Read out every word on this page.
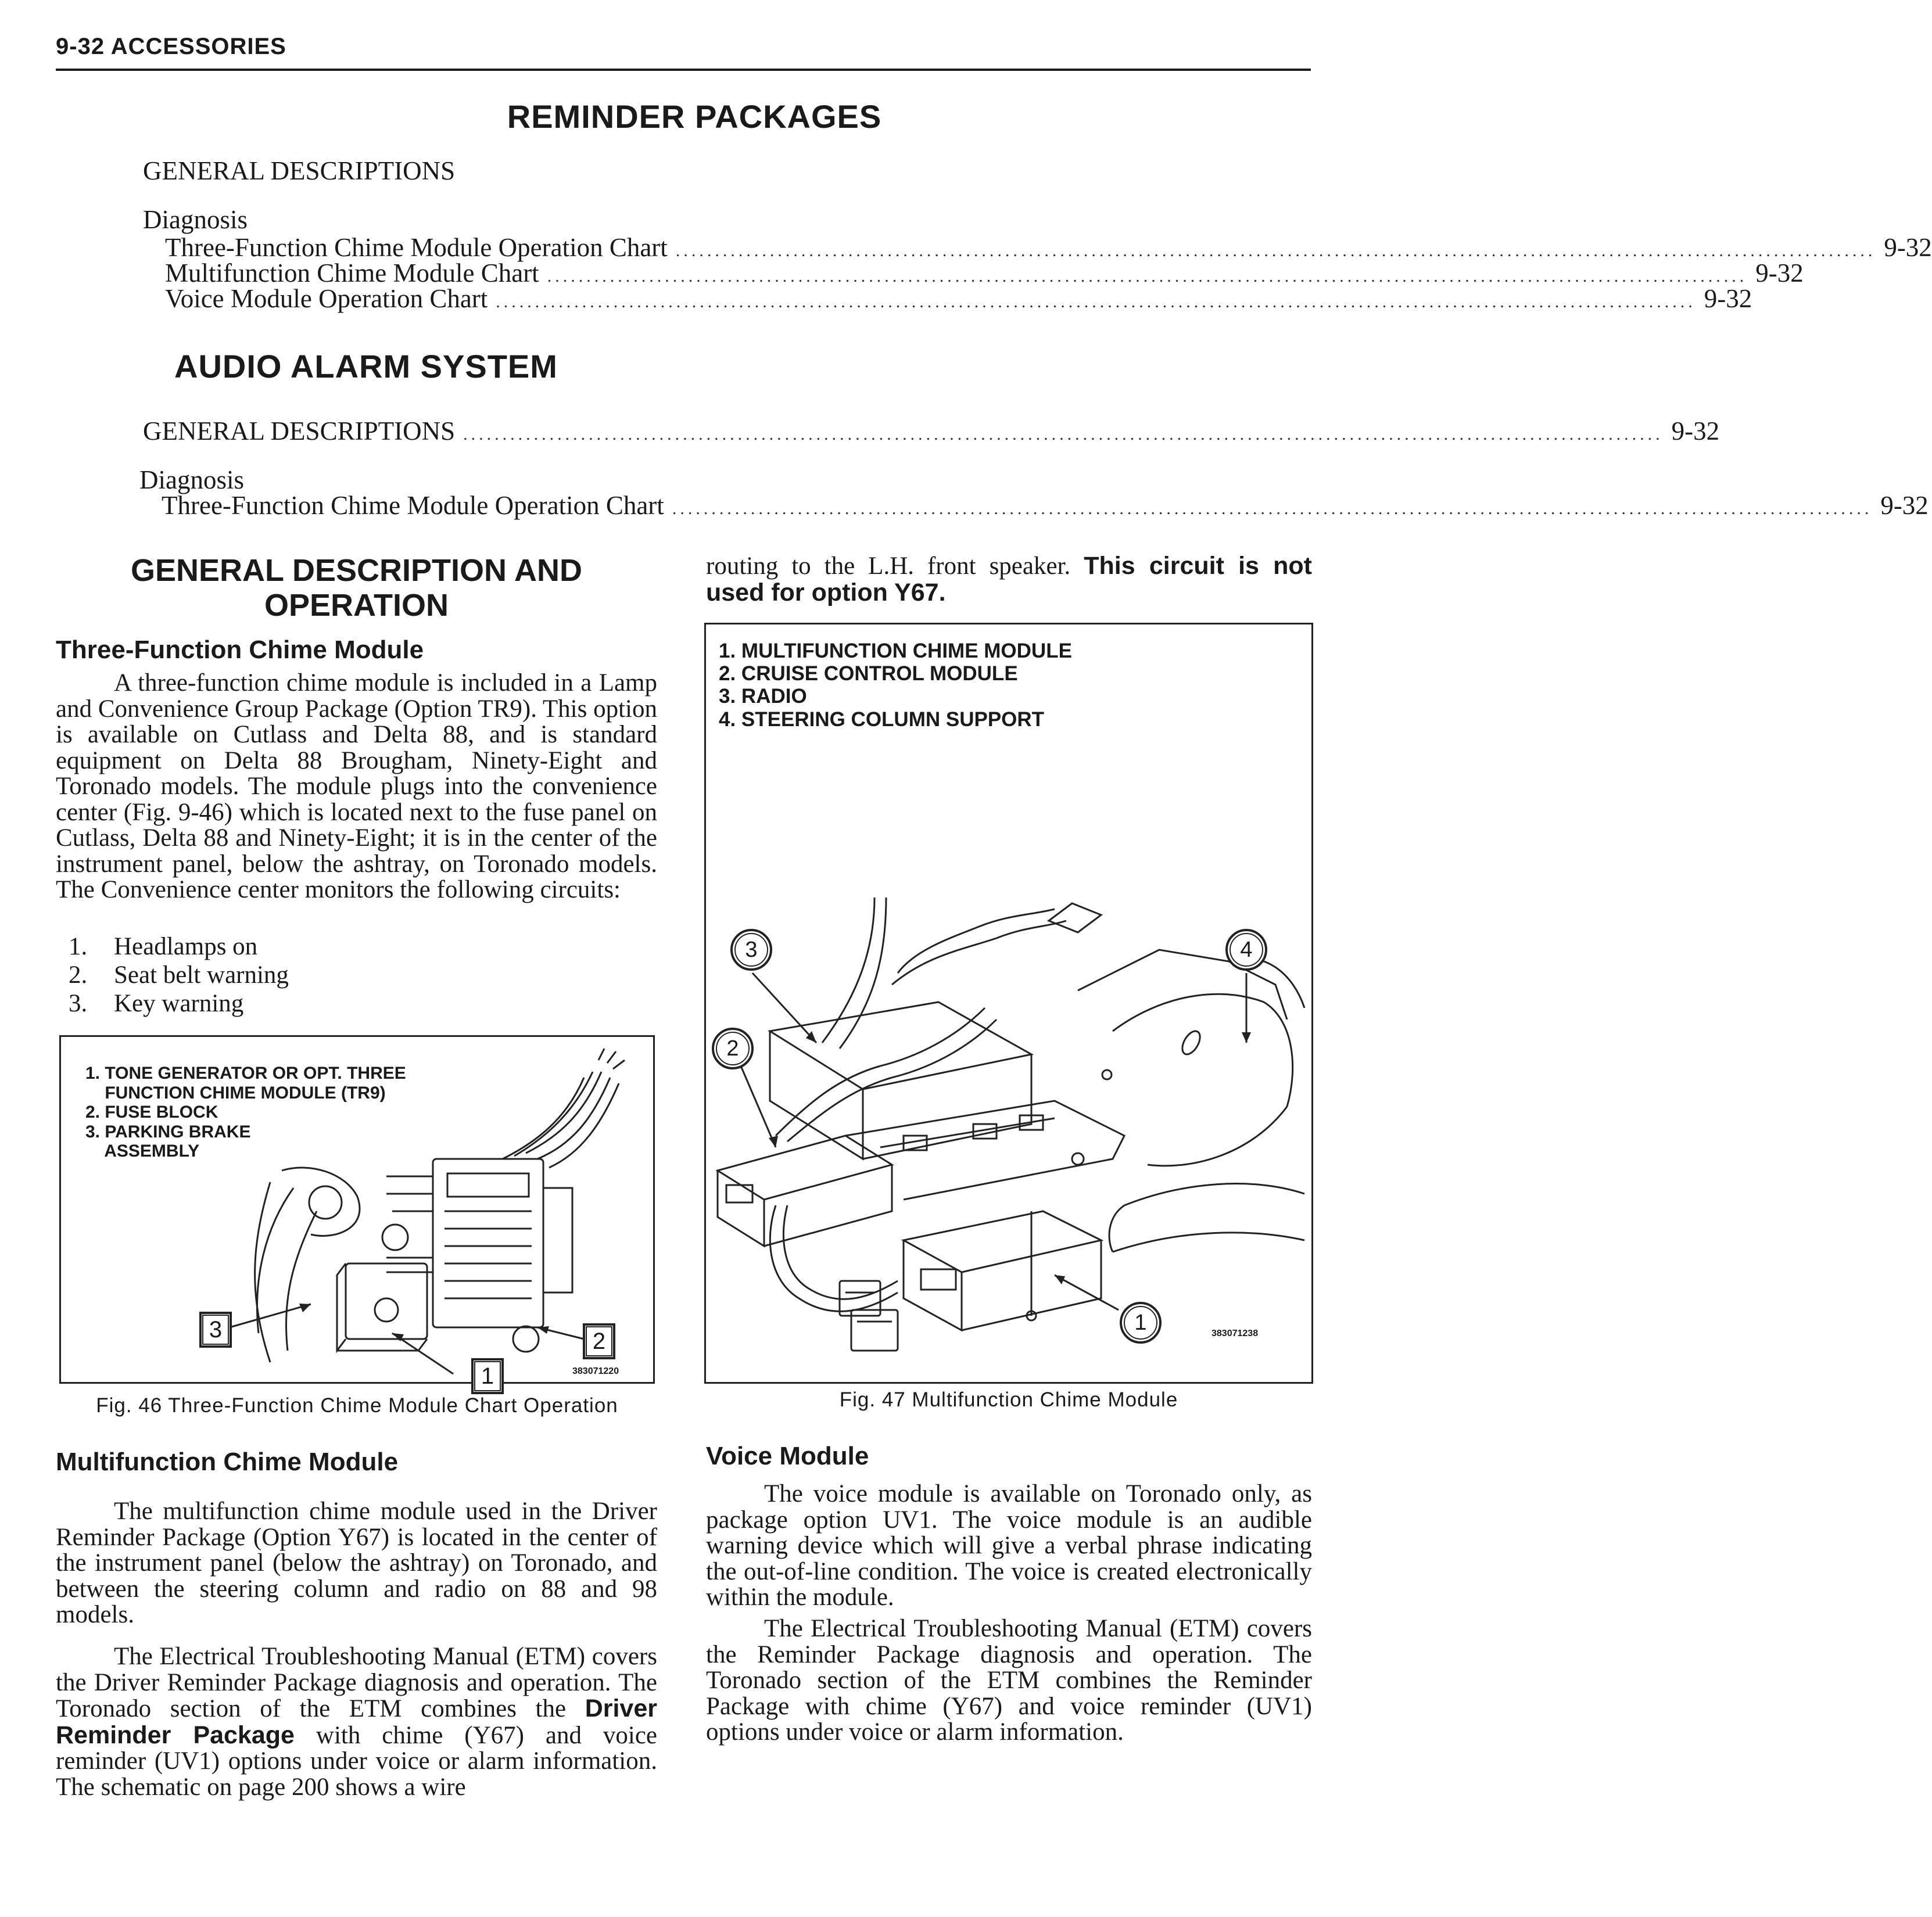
9-32 ACCESSORIES
REMINDER PACKAGES
GENERAL DESCRIPTIONS
Diagnosis
Three-Function Chime Module Operation Chart ......................................................................................................................................................... 9-32
Multifunction Chime Module Chart ......................................................................................................................................................... 9-32
Voice Module Operation Chart ......................................................................................................................................................... 9-32
AUDIO ALARM SYSTEM
GENERAL DESCRIPTIONS ......................................................................................................................................................... 9-32
Diagnosis
Three-Function Chime Module Operation Chart ......................................................................................................................................................... 9-32
GENERAL DESCRIPTION AND
OPERATION
Three-Function Chime Module

A three-function chime module is included in a Lamp and Convenience Group Package (Option TR9). This option is available on Cutlass and Delta 88, and is standard equipment on Delta 88 Brougham, Ninety-Eight and Toronado models. The module plugs into the convenience center (Fig. 9-46) which is located next to the fuse panel on Cutlass, Delta 88 and Ninety-Eight; it is in the center of the instrument panel, below the ashtray, on Toronado models. The Convenience center monitors the following circuits:

1. Headlamps on
2. Seat belt warning
3. Key warning
1. TONE GENERATOR OR OPT. THREE
FUNCTION CHIME MODULE (TR9)
2. FUSE BLOCK
3. PARKING BRAKE
ASSEMBLY
3
1
2
383071220
Fig. 46 Three-Function Chime Module Chart Operation
Multifunction Chime Module

The multifunction chime module used in the Driver Reminder Package (Option Y67) is located in the center of the instrument panel (below the ashtray) on Toronado, and between the steering column and radio on 88 and 98 models.

The Electrical Troubleshooting Manual (ETM) covers the Driver Reminder Package diagnosis and operation. The Toronado section of the ETM combines the Driver Reminder Package with chime (Y67) and voice reminder (UV1) options under voice or alarm information. The schematic on page 200 shows a wire

routing to the L.H. front speaker. This circuit is not used for option Y67.

1. MULTIFUNCTION CHIME MODULE
2. CRUISE CONTROL MODULE
3. RADIO
4. STEERING COLUMN SUPPORT
3
2
1
4
383071238
Fig. 47 Multifunction Chime Module
Voice Module

The voice module is available on Toronado only, as package option UV1. The voice module is an audible warning device which will give a verbal phrase indicating the out-of-line condition. The voice is created electronically within the module.

The Electrical Troubleshooting Manual (ETM) covers the Reminder Package diagnosis and operation. The Toronado section of the ETM combines the Reminder Package with chime (Y67) and voice reminder (UV1) options under voice or alarm information.
